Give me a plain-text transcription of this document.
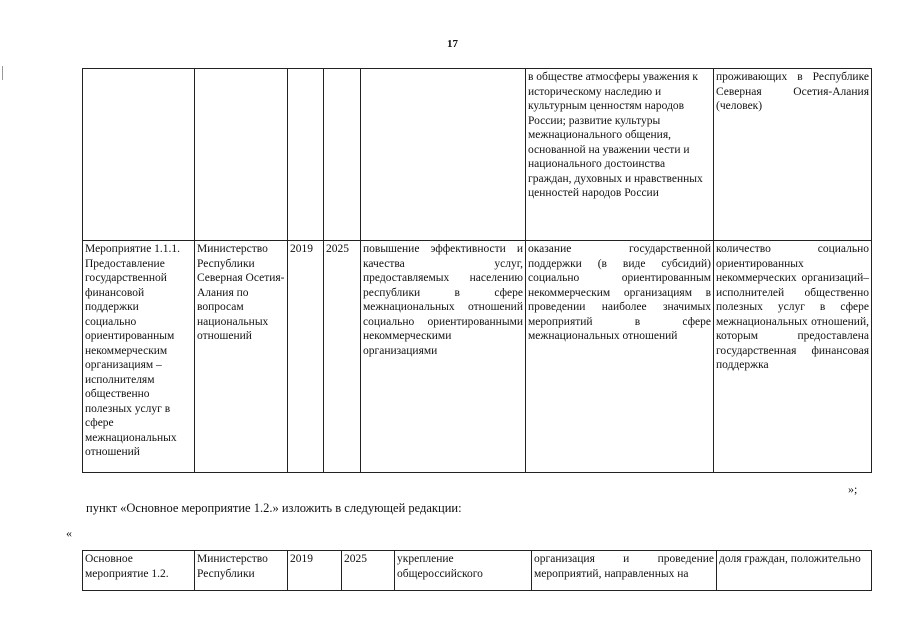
17
					в обществе атмосферы уважения к историческому наследию и культурным ценностям народов России; развитие культуры межнационального общения, основанной на уважении чести и национального достоинства граждан, духовных и нравственных ценностей народов России	проживающих в Республике Северная Осетия-Алания (человек)
Мероприятие 1.1.1. Предоставление государственной финансовой поддержки социально ориентированным некоммерческим организациям – исполнителям общественно полезных услуг в сфере межнациональных отношений	Министерство Республики Северная Осетия-Алания по вопросам национальных отношений	2019	2025	повышение эффективности и качества услуг, предоставляемых населению республики в сфере межнациональных отношений социально ориентированными некоммерческими организациями	оказание государственной поддержки (в виде субсидий) социально ориентированным некоммерческим организациям в проведении наиболее значимых мероприятий в сфере межнациональных отношений	количество социально ориентированных некоммерческих организаций– исполнителей общественно полезных услуг в сфере межнациональных отношений, которым предоставлена государственная финансовая поддержка
»;
пункт «Основное мероприятие 1.2.» изложить в следующей редакции:
«
Основное мероприятие 1.2.	Министерство Республики	2019	2025	укрепление общероссийского	организация и проведение мероприятий, направленных на	доля граждан, положительно
